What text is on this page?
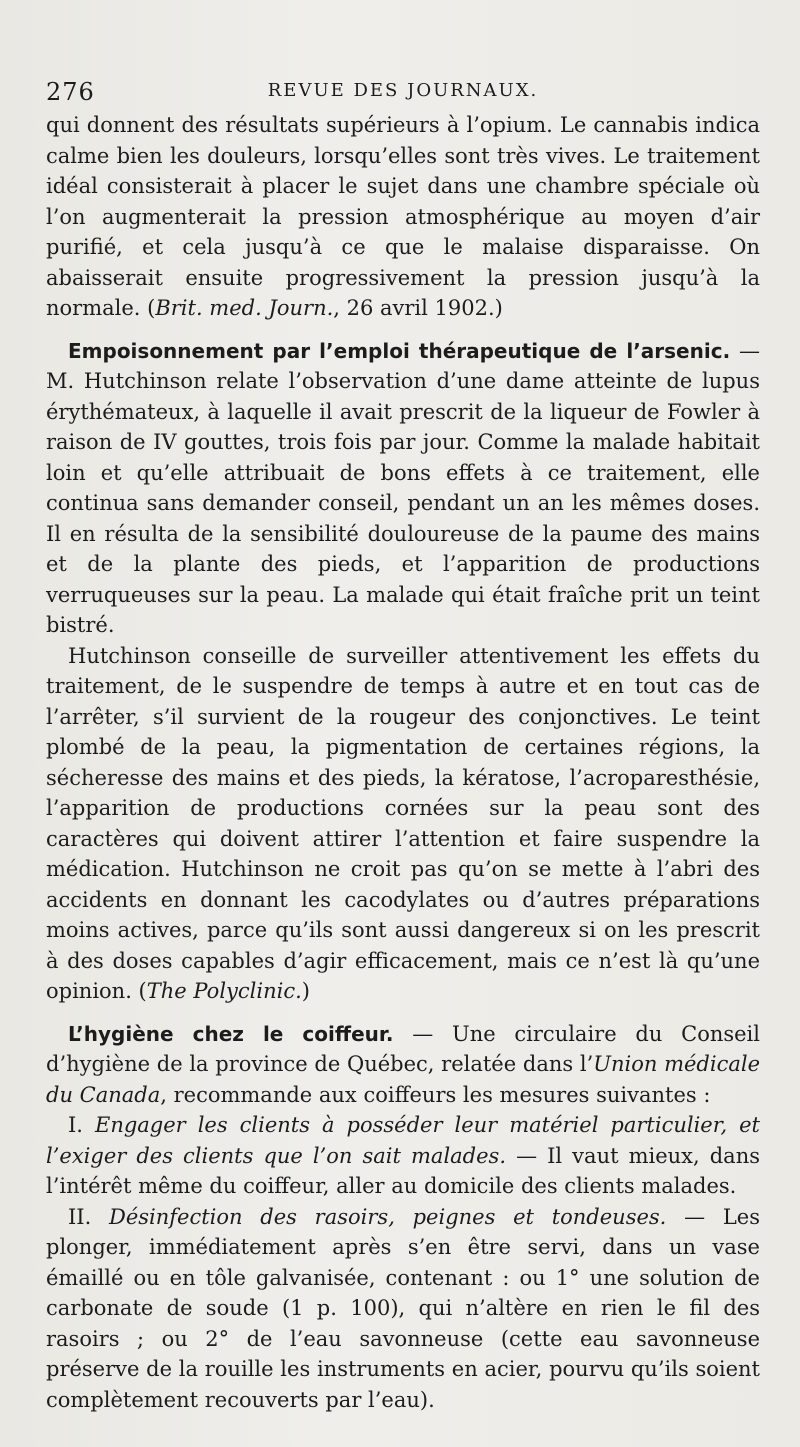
276	REVUE DES JOURNAUX.

qui donnent des résultats supérieurs à l’opium. Le cannabis indica calme bien les douleurs, lorsqu’elles sont très vives. Le traitement idéal consisterait à placer le sujet dans une chambre spéciale où l’on augmenterait la pression atmosphérique au moyen d’air purifié, et cela jusqu’à ce que le malaise disparaisse. On abaisserait ensuite progressivement la pression jusqu’à la normale. (Brit. med. Journ., 26 avril 1902.)

Empoisonnement par l’emploi thérapeutique de l’arsenic. — M. Hutchinson relate l’observation d’une dame atteinte de lupus érythémateux, à laquelle il avait prescrit de la liqueur de Fowler à raison de IV gouttes, trois fois par jour. Comme la malade habitait loin et qu’elle attribuait de bons effets à ce traitement, elle continua sans demander conseil, pendant un an les mêmes doses. Il en résulta de la sensibilité douloureuse de la paume des mains et de la plante des pieds, et l’apparition de productions verruqueuses sur la peau. La malade qui était fraîche prit un teint bistré.

Hutchinson conseille de surveiller attentivement les effets du traitement, de le suspendre de temps à autre et en tout cas de l’arrêter, s’il survient de la rougeur des conjonctives. Le teint plombé de la peau, la pigmentation de certaines régions, la sécheresse des mains et des pieds, la kératose, l’acroparesthésie, l’apparition de productions cornées sur la peau sont des caractères qui doivent attirer l’attention et faire suspendre la médication. Hutchinson ne croit pas qu’on se mette à l’abri des accidents en donnant les cacodylates ou d’autres préparations moins actives, parce qu’ils sont aussi dangereux si on les prescrit à des doses capables d’agir efficacement, mais ce n’est là qu’une opinion. (The Polyclinic.)

L’hygiène chez le coiffeur. — Une circulaire du Conseil d’hygiène de la province de Québec, relatée dans l’Union médicale du Canada, recommande aux coiffeurs les mesures suivantes :

I. Engager les clients à posséder leur matériel particulier, et l’exiger des clients que l’on sait malades. — Il vaut mieux, dans l’intérêt même du coiffeur, aller au domicile des clients malades.

II. Désinfection des rasoirs, peignes et tondeuses. — Les plonger, immédiatement après s’en être servi, dans un vase émaillé ou en tôle galvanisée, contenant : ou 1° une solution de carbonate de soude (1 p. 100), qui n’altère en rien le fil des rasoirs ; ou 2° de l’eau savonneuse (cette eau savonneuse préserve de la rouille les instruments en acier, pourvu qu’ils soient complètement recouverts par l’eau).
